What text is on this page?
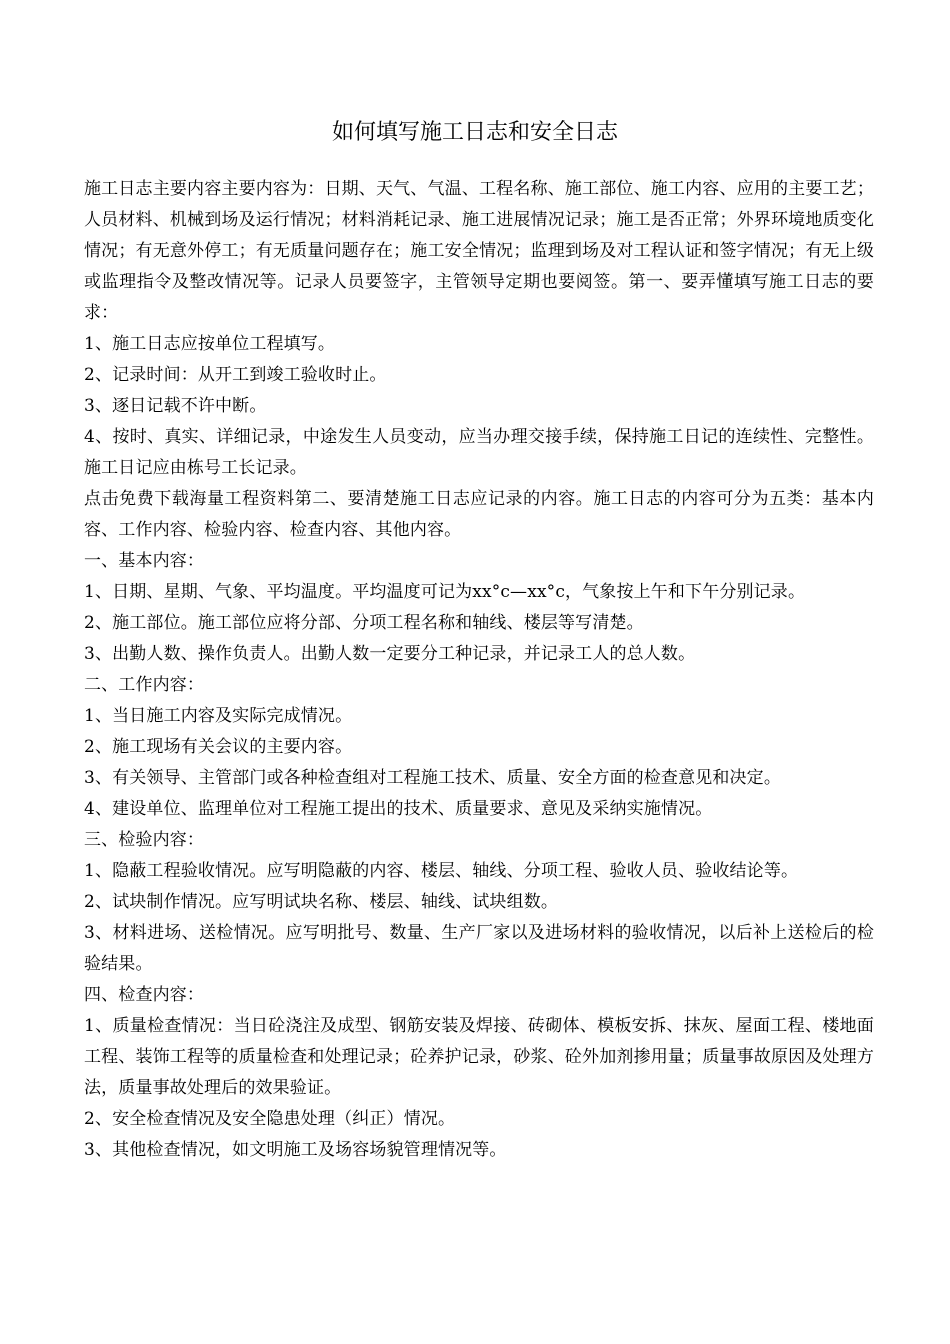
如何填写施工日志和安全日志

施工日志主要内容主要内容为：日期、天气、气温、工程名称、施工部位、施工内容、应用的主要工艺；人员材料、机械到场及运行情况；材料消耗记录、施工进展情况记录；施工是否正常；外界环境地质变化情况；有无意外停工；有无质量问题存在；施工安全情况；监理到场及对工程认证和签字情况；有无上级或监理指令及整改情况等。记录人员要签字，主管领导定期也要阅签。第一、要弄懂填写施工日志的要求：

1、施工日志应按单位工程填写。

2、记录时间：从开工到竣工验收时止。

3、逐日记载不许中断。

4、按时、真实、详细记录，中途发生人员变动，应当办理交接手续，保持施工日记的连续性、完整性。施工日记应由栋号工长记录。

点击免费下载海量工程资料第二、要清楚施工日志应记录的内容。施工日志的内容可分为五类：基本内容、工作内容、检验内容、检查内容、其他内容。

一、基本内容：

1、日期、星期、气象、平均温度。平均温度可记为xx°c—xx°c，气象按上午和下午分别记录。

2、施工部位。施工部位应将分部、分项工程名称和轴线、楼层等写清楚。

3、出勤人数、操作负责人。出勤人数一定要分工种记录，并记录工人的总人数。

二、工作内容：

1、当日施工内容及实际完成情况。

2、施工现场有关会议的主要内容。

3、有关领导、主管部门或各种检查组对工程施工技术、质量、安全方面的检查意见和决定。

4、建设单位、监理单位对工程施工提出的技术、质量要求、意见及采纳实施情况。

三、检验内容：

1、隐蔽工程验收情况。应写明隐蔽的内容、楼层、轴线、分项工程、验收人员、验收结论等。

2、试块制作情况。应写明试块名称、楼层、轴线、试块组数。

3、材料进场、送检情况。应写明批号、数量、生产厂家以及进场材料的验收情况，以后补上送检后的检验结果。

四、检查内容：

1、质量检查情况：当日砼浇注及成型、钢筋安装及焊接、砖砌体、模板安拆、抹灰、屋面工程、楼地面工程、装饰工程等的质量检查和处理记录；砼养护记录，砂浆、砼外加剂掺用量；质量事故原因及处理方法，质量事故处理后的效果验证。

2、安全检查情况及安全隐患处理（纠正）情况。

3、其他检查情况，如文明施工及场容场貌管理情况等。
